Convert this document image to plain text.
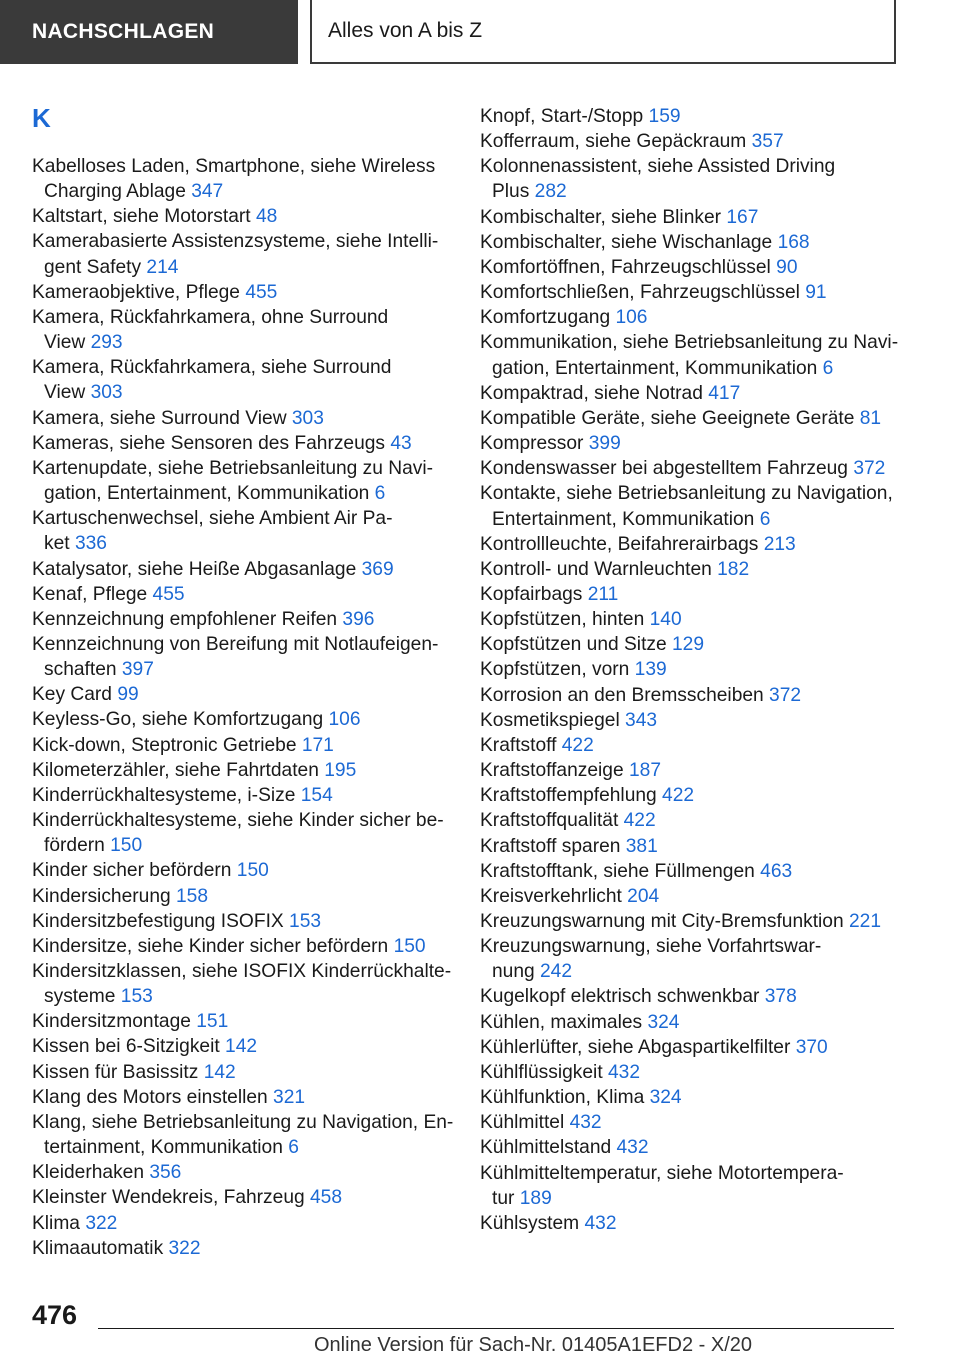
NACHSCHLAGEN	Alles von A bis Z
K
Kabelloses Laden, Smartphone, siehe Wireless
Charging Ablage 347
Kaltstart, siehe Motorstart 48
Kamerabasierte Assistenzsysteme, siehe Intelli-
gent Safety 214
Kameraobjektive, Pflege 455
Kamera, Rückfahrkamera, ohne Surround
View 293
Kamera, Rückfahrkamera, siehe Surround
View 303
Kamera, siehe Surround View 303
Kameras, siehe Sensoren des Fahrzeugs 43
Kartenupdate, siehe Betriebsanleitung zu Navi-
gation, Entertainment, Kommunikation 6
Kartuschenwechsel, siehe Ambient Air Pa-
ket 336
Katalysator, siehe Heiße Abgasanlage 369
Kenaf, Pflege 455
Kennzeichnung empfohlener Reifen 396
Kennzeichnung von Bereifung mit Notlaufeigen-
schaften 397
Key Card 99
Keyless-Go, siehe Komfortzugang 106
Kick-down, Steptronic Getriebe 171
Kilometerzähler, siehe Fahrtdaten 195
Kinderrückhaltesysteme, i-Size 154
Kinderrückhaltesysteme, siehe Kinder sicher be-
fördern 150
Kinder sicher befördern 150
Kindersicherung 158
Kindersitzbefestigung ISOFIX 153
Kindersitze, siehe Kinder sicher befördern 150
Kindersitzklassen, siehe ISOFIX Kinderrückhalte-
systeme 153
Kindersitzmontage 151
Kissen bei 6-Sitzigkeit 142
Kissen für Basissitz 142
Klang des Motors einstellen 321
Klang, siehe Betriebsanleitung zu Navigation, En-
tertainment, Kommunikation 6
Kleiderhaken 356
Kleinster Wendekreis, Fahrzeug 458
Klima 322
Klimaautomatik 322
Knopf, Start-/Stopp 159
Kofferraum, siehe Gepäckraum 357
Kolonnenassistent, siehe Assisted Driving
Plus 282
Kombischalter, siehe Blinker 167
Kombischalter, siehe Wischanlage 168
Komfortöffnen, Fahrzeugschlüssel 90
Komfortschließen, Fahrzeugschlüssel 91
Komfortzugang 106
Kommunikation, siehe Betriebsanleitung zu Navi-
gation, Entertainment, Kommunikation 6
Kompaktrad, siehe Notrad 417
Kompatible Geräte, siehe Geeignete Geräte 81
Kompressor 399
Kondenswasser bei abgestelltem Fahrzeug 372
Kontakte, siehe Betriebsanleitung zu Navigation,
Entertainment, Kommunikation 6
Kontrollleuchte, Beifahrerairbags 213
Kontroll- und Warnleuchten 182
Kopfairbags 211
Kopfstützen, hinten 140
Kopfstützen und Sitze 129
Kopfstützen, vorn 139
Korrosion an den Bremsscheiben 372
Kosmetikspiegel 343
Kraftstoff 422
Kraftstoffanzeige 187
Kraftstoffempfehlung 422
Kraftstoffqualität 422
Kraftstoff sparen 381
Kraftstofftank, siehe Füllmengen 463
Kreisverkehrlicht 204
Kreuzungswarnung mit City-Bremsfunktion 221
Kreuzungswarnung, siehe Vorfahrtswar-
nung 242
Kugelkopf elektrisch schwenkbar 378
Kühlen, maximales 324
Kühlerlüfter, siehe Abgaspartikelfilter 370
Kühlflüssigkeit 432
Kühlfunktion, Klima 324
Kühlmittel 432
Kühlmittelstand 432
Kühlmitteltemperatur, siehe Motortempera-
tur 189
Kühlsystem 432
476
Online Version für Sach-Nr. 01405A1EFD2 - X/20
